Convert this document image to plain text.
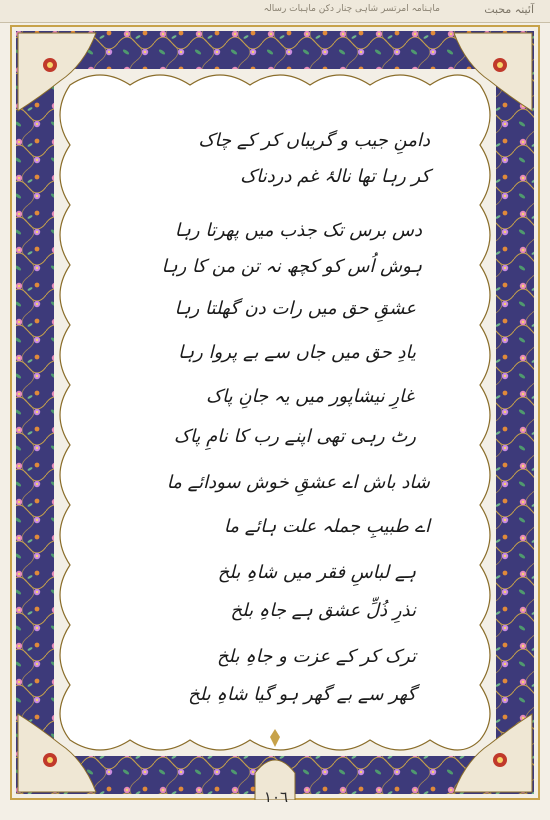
ماہنامہ امرتسر شاہی چنار دکن ماہبات رسالہ	آئینہ محبت
دامنِ جیب و گریباں کر کے چاک
کر رہا تھا نالۂ غم دردناک
دس برس تک جذب میں پھرتا رہا
ہوش اُس کو کچھ نہ تن من کا رہا
عشقِ حق میں رات دن گھلتا رہا
یادِ حق میں جاں سے بے پروا رہا
غارِ نیشاپور میں یہ جانِ پاک
رٹ رہی تھی اپنے رب کا نامِ پاک
شاد باش اے عشقِ خوش سودائے ما
اے طبیبِ جملہ علت ہائے ما
ہے لباسِ فقر میں شاہِ بلخ
نذرِ ذُلِّ عشق ہے جاہِ بلخ
ترک کر کے عزت و جاہِ بلخ
گھر سے بے گھر ہو گیا شاہِ بلخ
١٠٦
